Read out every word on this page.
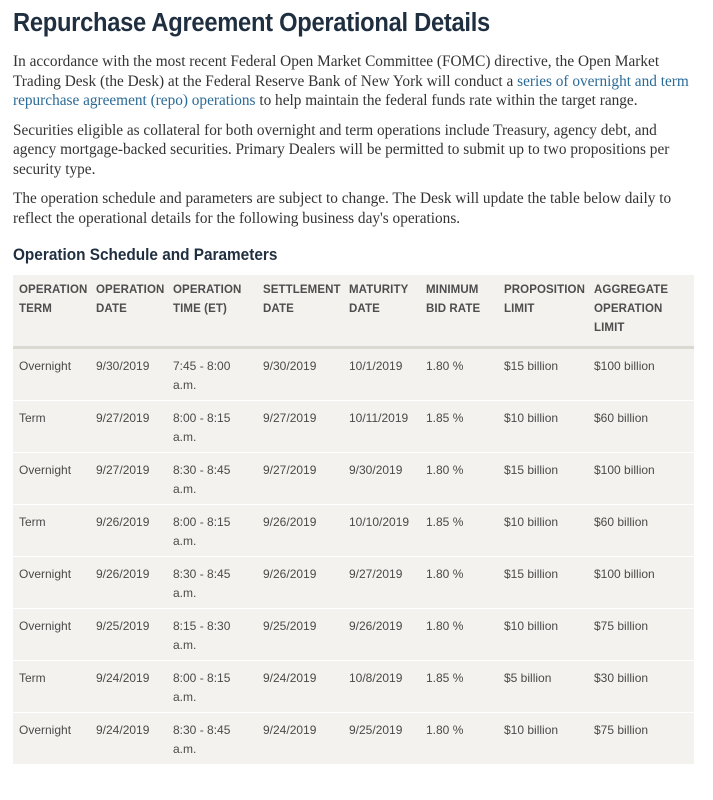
Repurchase Agreement Operational Details

In accordance with the most recent Federal Open Market Committee (FOMC) directive, the Open Market Trading Desk (the Desk) at the Federal Reserve Bank of New York will conduct a series of overnight and term repurchase agreement (repo) operations to help maintain the federal funds rate within the target range.

Securities eligible as collateral for both overnight and term operations include Treasury, agency debt, and agency mortgage-backed securities. Primary Dealers will be permitted to submit up to two propositions per security type.

The operation schedule and parameters are subject to change. The Desk will update the table below daily to reflect the operational details for the following business day's operations.

Operation Schedule and Parameters
OPERATION TERM	OPERATION DATE	OPERATION TIME (ET)	SETTLEMENT DATE	MATURITY DATE	MINIMUM BID RATE	PROPOSITION LIMIT	AGGREGATE OPERATION LIMIT
Overnight	9/30/2019	7:45 - 8:00 a.m.	9/30/2019	10/1/2019	1.80 %	$15 billion	$100 billion
Term	9/27/2019	8:00 - 8:15 a.m.	9/27/2019	10/11/2019	1.85 %	$10 billion	$60 billion
Overnight	9/27/2019	8:30 - 8:45 a.m.	9/27/2019	9/30/2019	1.80 %	$15 billion	$100 billion
Term	9/26/2019	8:00 - 8:15 a.m.	9/26/2019	10/10/2019	1.85 %	$10 billion	$60 billion
Overnight	9/26/2019	8:30 - 8:45 a.m.	9/26/2019	9/27/2019	1.80 %	$15 billion	$100 billion
Overnight	9/25/2019	8:15 - 8:30 a.m.	9/25/2019	9/26/2019	1.80 %	$10 billion	$75 billion
Term	9/24/2019	8:00 - 8:15 a.m.	9/24/2019	10/8/2019	1.85 %	$5 billion	$30 billion
Overnight	9/24/2019	8:30 - 8:45 a.m.	9/24/2019	9/25/2019	1.80 %	$10 billion	$75 billion
